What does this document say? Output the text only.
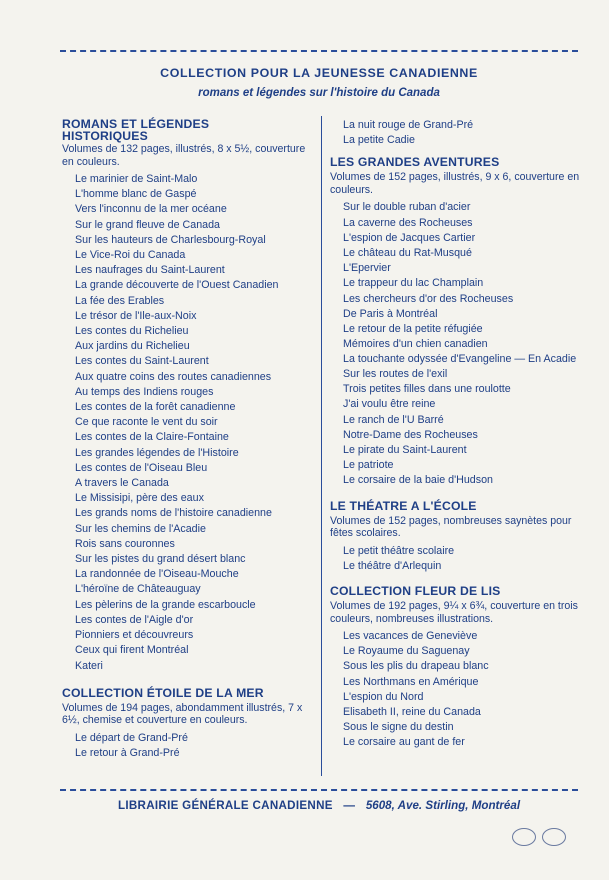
COLLECTION POUR LA JEUNESSE CANADIENNE
romans et légendes sur l'histoire du Canada
ROMANS ET LÉGENDES
HISTORIQUES
Volumes de 132 pages, illustrés, 8 x 5½, couverture en couleurs.
Le marinier de Saint-Malo
L'homme blanc de Gaspé
Vers l'inconnu de la mer océane
Sur le grand fleuve de Canada
Sur les hauteurs de Charlesbourg-Royal
Le Vice-Roi du Canada
Les naufrages du Saint-Laurent
La grande découverte de l'Ouest Canadien
La fée des Erables
Le trésor de l'Ile-aux-Noix
Les contes du Richelieu
Aux jardins du Richelieu
Les contes du Saint-Laurent
Aux quatre coins des routes canadiennes
Au temps des Indiens rouges
Les contes de la forêt canadienne
Ce que raconte le vent du soir
Les contes de la Claire-Fontaine
Les grandes légendes de l'Histoire
Les contes de l'Oiseau Bleu
A travers le Canada
Le Missisipi, père des eaux
Les grands noms de l'histoire canadienne
Sur les chemins de l'Acadie
Rois sans couronnes
Sur les pistes du grand désert blanc
La randonnée de l'Oiseau-Mouche
L'héroïne de Châteauguay
Les pèlerins de la grande escarboucle
Les contes de l'Aigle d'or
Pionniers et découvreurs
Ceux qui firent Montréal
Kateri
COLLECTION ÉTOILE DE LA MER
Volumes de 194 pages, abondamment illustrés, 7 x 6½, chemise et couverture en couleurs.
Le départ de Grand-Pré
Le retour à Grand-Pré
La nuit rouge de Grand-Pré
La petite Cadie
LES GRANDES AVENTURES
Volumes de 152 pages, illustrés, 9 x 6, couverture en couleurs.
Sur le double ruban d'acier
La caverne des Rocheuses
L'espion de Jacques Cartier
Le château du Rat-Musqué
L'Epervier
Le trappeur du lac Champlain
Les chercheurs d'or des Rocheuses
De Paris à Montréal
Le retour de la petite réfugiée
Mémoires d'un chien canadien
La touchante odyssée d'Evangeline — En Acadie
Sur les routes de l'exil
Trois petites filles dans une roulotte
J'ai voulu être reine
Le ranch de l'U Barré
Notre-Dame des Rocheuses
Le pirate du Saint-Laurent
Le patriote
Le corsaire de la baie d'Hudson
LE THÉATRE A L'ÉCOLE
Volumes de 152 pages, nombreuses saynètes pour fêtes scolaires.
Le petit théâtre scolaire
Le théâtre d'Arlequin
COLLECTION FLEUR DE LIS
Volumes de 192 pages, 9¼ x 6¾, couverture en trois couleurs, nombreuses illustrations.
Les vacances de Geneviève
Le Royaume du Saguenay
Sous les plis du drapeau blanc
Les Northmans en Amérique
L'espion du Nord
Elisabeth II, reine du Canada
Sous le signe du destin
Le corsaire au gant de fer
LIBRAIRIE GÉNÉRALE CANADIENNE — 5608, Ave. Stirling, Montréal
